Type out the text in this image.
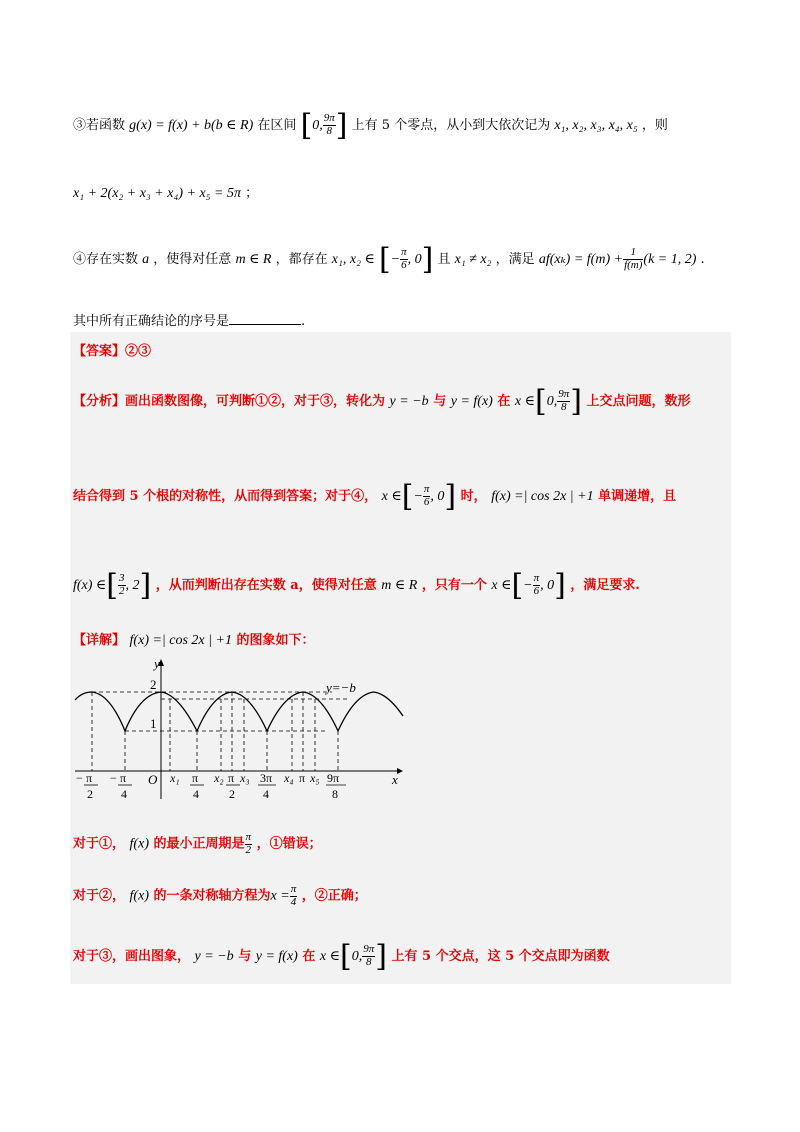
③若函数 g(x) = f(x) + b(b ∈ R) 在区间 [0, $\frac{9\pi}{8}$ ] 上有 5 个零点，从小到大依次记为 x₁, x₂, x₃, x₄, x₅ ，则
x₁ + 2(x₂ + x₃ + x₄) + x₅ = 5π ；
④存在实数 a ，使得对任意 m ∈ R ，都存在 x₁, x₂ ∈ [− $\frac{\pi}{6}$ , 0] 且 x₁ ≠ x₂ ，满足 $af(x_k) = f(m) + \frac{1}{f(m)} (k = 1$, 2) .
其中所有正确结论的序号是	.
【答案】②③
【分析】画出函数图像，可判断①②，对于③，转化为 y = −b 与 y = f(x) 在 x ∈[0, $\frac{9\pi}{8}$ ] 上交点问题，数形
结合得到 5 个根的对称性，从而得到答案；对于④， x ∈[− $\frac{\pi}{6}$ , 0] 时， f(x) =| cos 2x | +1 单调递增，且
f(x) ∈[ $\frac{3}{2}$ , 2] ，从而判断出存在实数 a，使得对任意 m ∈ R ，只有一个 x ∈[− $\frac{\pi}{6}$ , 0] ，满足要求.
【详解】 f(x) =| cos 2x | +1 的图象如下：
y
x
2
1
O
y=−b
− π
2
− π
4
x₁ π
4
x₂ π
2
x₃ 3π
4
x₄ π x₅ 9π
8
对于①， f(x) 的最小正周期是 $\frac{\pi}{2}$ ，①错误；
对于②， f(x) 的一条对称轴方程为$x = \frac{\pi}{4}$ ，②正确；
对于③，画出图象， y = −b 与 y = f(x) 在 x ∈[0, $\frac{9\pi}{8}$ ] 上有 5 个交点，这 5 个交点即为函数
